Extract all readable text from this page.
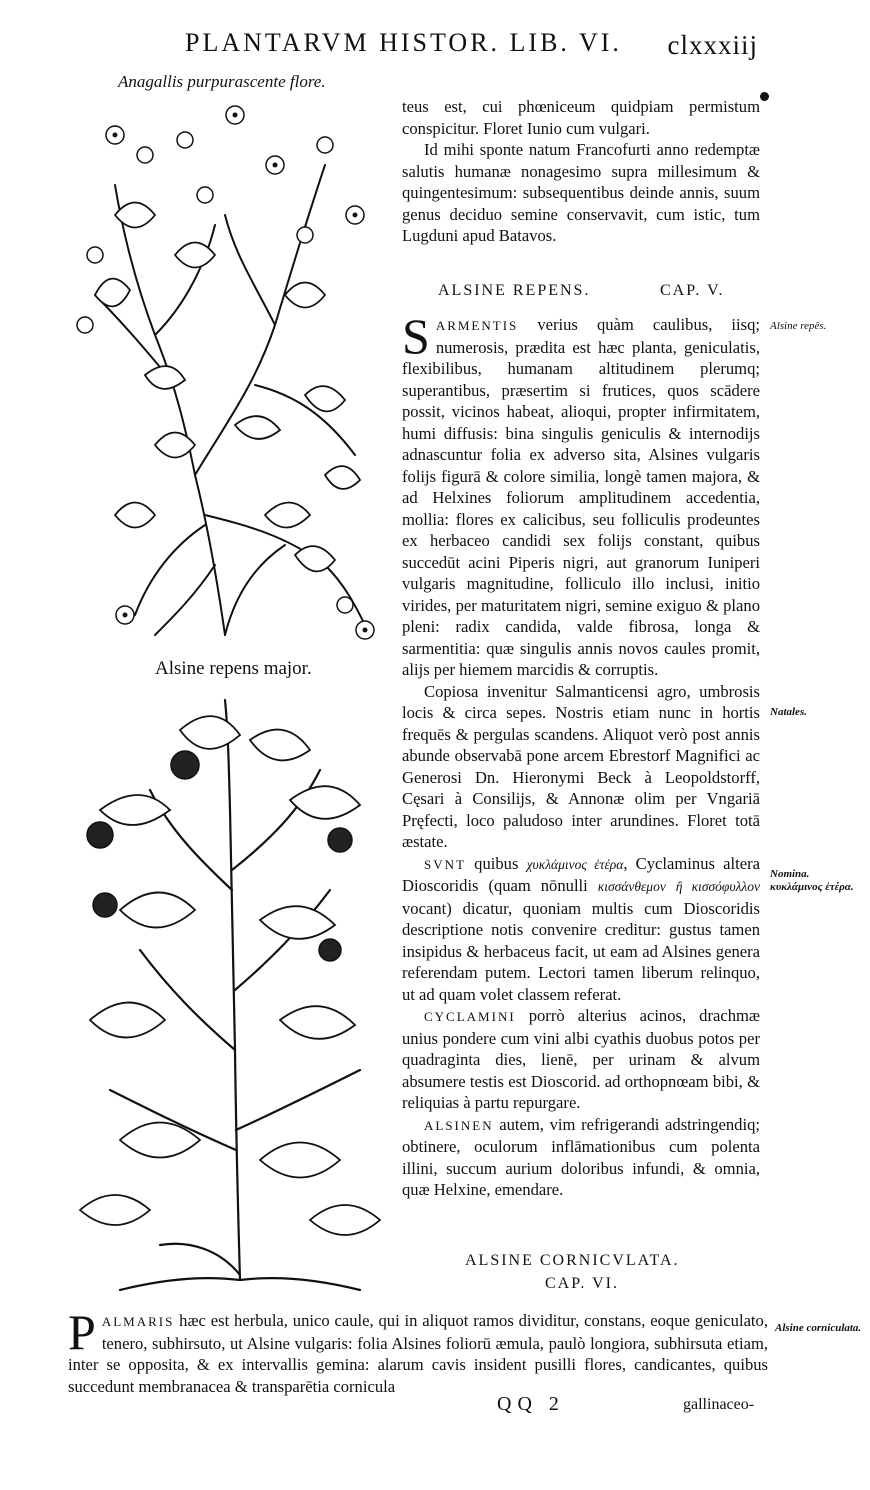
PLANTARVM HISTOR. LIB. VI. clxxxiij
Anagallis purpurascente flore.
Alsine repens major.

teus est, cui phœniceum quidpiam permistum conspicitur. Floret Iunio cum vulgari.

Id mihi sponte natum Francofurti anno redemptæ salutis humanæ nonagesimo supra millesimum & quingentesimum: subsequentibus deinde annis, suum genus deciduo semine conservavit, cum istic, tum Lugduni apud Batavos.

ALSINE REPENS.	CAP. V.

SARMENTIS verius quàm caulibus, iisq; numerosis, prædita est hæc planta, geniculatis, flexibilibus, humanam altitudinem plerumq; superantibus, præsertim si frutices, quos scādere possit, vicinos habeat, alioqui, propter infirmitatem, humi diffusis: bina singulis geniculis & internodijs adnascuntur folia ex adverso sita, Alsines vulgaris folijs figurā & colore similia, longè tamen majora, & ad Helxines foliorum amplitudinem accedentia, mollia: flores ex calicibus, seu folliculis prodeuntes ex herbaceo candidi sex folijs constant, quibus succedūt acini Piperis nigri, aut granorum Iuniperi vulgaris magnitudine, folliculo illo inclusi, initio virides, per maturitatem nigri, semine exiguo & plano pleni: radix candida, valde fibrosa, longa & sarmentitia: quæ singulis annis novos caules promit, alijs per hiemem marcidis & corruptis.

Copiosa invenitur Salmanticensi agro, umbrosis locis & circa sepes. Nostris etiam nunc in hortis frequēs & pergulas scandens. Aliquot verò post annis abunde observabā pone arcem Ebrestorf Magnifici ac Generosi Dn. Hieronymi Beck à Leopoldstorff, Cęsari à Consilijs, & Annonæ olim per Vngariā Pręfecti, loco paludoso inter arundines. Floret totā æstate.

SVNT quibus χυκλάμινος ἑτέρα, Cyclaminus altera Dioscoridis (quam nōnulli κισσάνθεμον ἢ κισσόφυλλον vocant) dicatur, quoniam multis cum Dioscoridis descriptione notis convenire creditur: gustus tamen insipidus & herbaceus facit, ut eam ad Alsines genera referendam putem. Lectori tamen liberum relinquo, ut ad quam volet classem referat.

CYCLAMINI porrò alterius acinos, drachmæ unius pondere cum vini albi cyathis duobus potos per quadraginta dies, lienē, per urinam & alvum absumere testis est Dioscorid. ad orthopnœam bibi, & reliquias à partu repurgare.

ALSINEN autem, vim refrigerandi adstringendiq; obtinere, oculorum inflāmationibus cum polenta illini, succum aurium doloribus infundi, & omnia, quæ Helxine, emendare.

Alsine repēs.
Natales.
Nomina. κυκλάμινος ἑτέρα.
Alsine corniculata.
ALSINE CORNICVLATA.
CAP. VI.

PALMARIS hæc est herbula, unico caule, qui in aliquot ramos dividitur, constans, eoque geniculato, tenero, subhirsuto, ut Alsine vulgaris: folia Alsines foliorū æmula, paulò longiora, subhirsuta etiam, inter se opposita, & ex intervallis gemina: alarum cavis insident pusilli flores, candicantes, quibus succedunt membranacea & transparētia cornicula

QQ 2	gallinaceo-
